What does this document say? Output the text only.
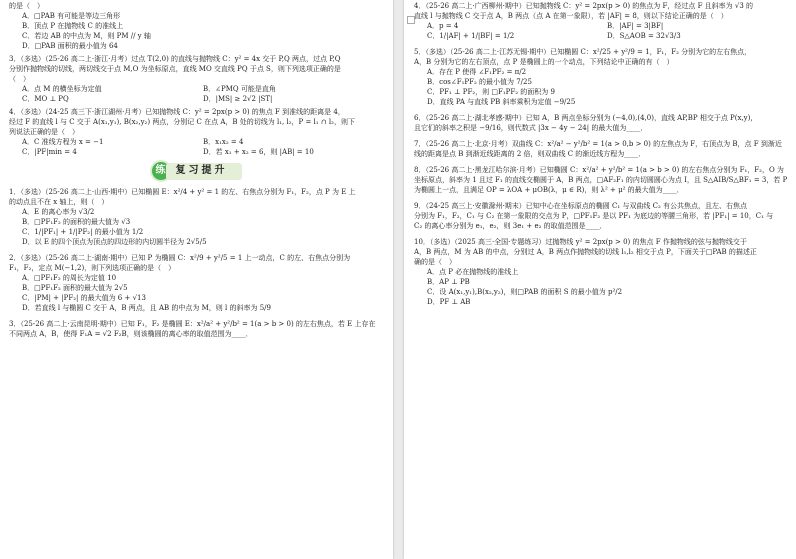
的是（　）
A．□PAB 有可能是等边三角形
B．顶点 P 在抛物线 C 的准线上
C．若边 AB 的中点为 M，则 PM // y 轴
D．□PAB 面积的最小值为 64
3．（多选）（25-26 高二上·浙江·月考）过点 T(2,0) 的直线与抛物线 C：y² = 4x 交于 P,Q 两点，过点 P,Q
分别作抛物线的切线，两切线交于点 M,O 为坐标原点，直线 MO 交直线 PQ 于点 S，则下列选项正确的是
（　）
A．点 M 的横坐标为定值	B．∠PMQ 可能是直角
C．MO ⊥ PQ	D．|MS| ≥ 2√2 |ST|
4．（多选）（24-25 高三下·浙江湖州·月考）已知抛物线 C：y² = 2px(p > 0) 的焦点 F 到准线的距离是 4，
经过 F 的直线 l 与 C 交于 A(x₁,y₁), B(x₂,y₂) 两点，分别记 C 在点 A，B 处的切线为 l₁, l₂，P = l₁ ∩ l₂，则下
列说法正确的是（　）
A．C 准线方程为 x = −1	B．x₁x₂ = 4
C．|PF|min = 4	D．若 x₁ + x₂ = 6，则 |AB| = 10
练	复习提升
1．（多选）（25-26 高二上·山西·期中）已知椭圆 E：x²/4 + y² = 1 的左、右焦点分别为 F₁，F₂，点 P 为 E 上
的动点且不在 x 轴上，则（　）
A．E 的离心率为 √3/2
B．□PF₁F₂ 的面积的最大值为 √3
C．1/|PF₁| + 1/|PF₂| 的最小值为 1/2
D．以 E 的四个顶点为顶点的四边形的内切圆半径为 2√5/5
2．（多选）（25-26 高二上·湖南·期中）已知 P 为椭圆 C：x²/9 + y²/5 = 1 上一动点，C 的左、右焦点分别为
F₁，F₂，定点 M(−1,2)，则下列选项正确的是（　）
A．□PF₁F₂ 的周长为定值 10
B．□PF₁F₂ 面积的最大值为 2√5
C．|PM| + |PF₂| 的最大值为 6 + √13
D．若直线 l 与椭圆 C 交于 A，B 两点，且 AB 的中点为 M，则 l 的斜率为 5/9
3．（25-26 高二上·云南昆明·期中）已知 F₁，F₂ 是椭圆 E：x²/a² + y²/b² = 1(a > b > 0) 的左右焦点，若 E 上存在
不同两点 A，B，使得 F₁A = √2 F₂B，则该椭圆的离心率的取值范围为____．
4．（25-26 高二上·广西柳州·期中）已知抛物线 C：y² = 2px(p > 0) 的焦点为 F，经过点 F 且斜率为 √3 的
直线 l 与抛物线 C 交于点 A，B 两点（点 A 在第一象限），若 |AF| = 8，则以下结论正确的是（　）
A．p = 4	B．|AF| = 3|BF|
C．1/|AF| + 1/|BF| = 1/2	D．S△AOB = 32√3/3
5．（多选）（25-26 高二上·江苏无锡·期中）已知椭圆 C：x²/25 + y²/9 = 1，F₁，F₂ 分别为它的左右焦点，
A，B 分别为它的左右顶点，点 P 是椭圆上的一个动点，下列结论中正确的有（　）
A．存在 P 使得 ∠F₁PF₂ = π/2
B．cos∠F₁PF₂ 的最小值为 7/25
C．PF₁ ⊥ PF₂，则 □F₁PF₂ 的面积为 9
D．直线 PA 与直线 PB 斜率乘积为定值 −9/25
6．（25-26 高二上·湖北孝感·期中）已知 A，B 两点坐标分别为 (−4,0),(4,0)，直线 AP,BP 相交于点 P(x,y)，
且它们的斜率之积是 −9/16，则代数式 |3x − 4y − 24| 的最大值为____．
7．（25-26 高二上·北京·月考）双曲线 C：x²/a² − y²/b² = 1(a > 0,b > 0) 的左焦点为 F，右顶点为 B，点 F 到渐近
线的距离是点 B 到渐近线距离的 2 倍，则双曲线 C 的渐近线方程为____．
8．（25-26 高二上·黑龙江哈尔滨·月考）已知椭圆 C：x²/a² + y²/b² = 1(a > b > 0) 的左右焦点分别为 F₁，F₂，O 为
坐标原点，斜率为 1 且过 F₁ 的直线交椭圆于 A，B 两点，□AF₂F₁ 的内切圆圆心为点 I，且 S△AIB/S△BF₁ = 3，若 P
为椭圆上一点，且满足 OP = λOA + μOB(λ，μ ∈ R)，则 λ² + μ² 的最大值为____．
9．（24-25 高三上·安徽滁州·期末）已知中心在坐标原点的椭圆 C₁ 与双曲线 C₂ 有公共焦点，且左、右焦点
分别为 F₁，F₂，C₁ 与 C₂ 在第一象限的交点为 P，□PF₁F₂ 是以 PF₁ 为底边的等腰三角形，若 |PF₁| = 10，C₁ 与
C₂ 的离心率分别为 e₁，e₂，则 3e₁ + e₂ 的取值范围是____．
10．（多选）（2025 高三·全国·专题练习）过抛物线 y² = 2px(p > 0) 的焦点 F 作抛物线的弦与抛物线交于
A，B 两点，M 为 AB 的中点，分别过 A，B 两点作抛物线的切线 l₁,l₂ 相交于点 P，下面关于□PAB 的描述正
确的是（　）
A．点 P 必在抛物线的准线上
B．AP ⊥ PB
C．设 A(x₁,y₁),B(x₂,y₂)，则□PAB 的面积 S 的最小值为 p²/2
D．PF ⊥ AB
